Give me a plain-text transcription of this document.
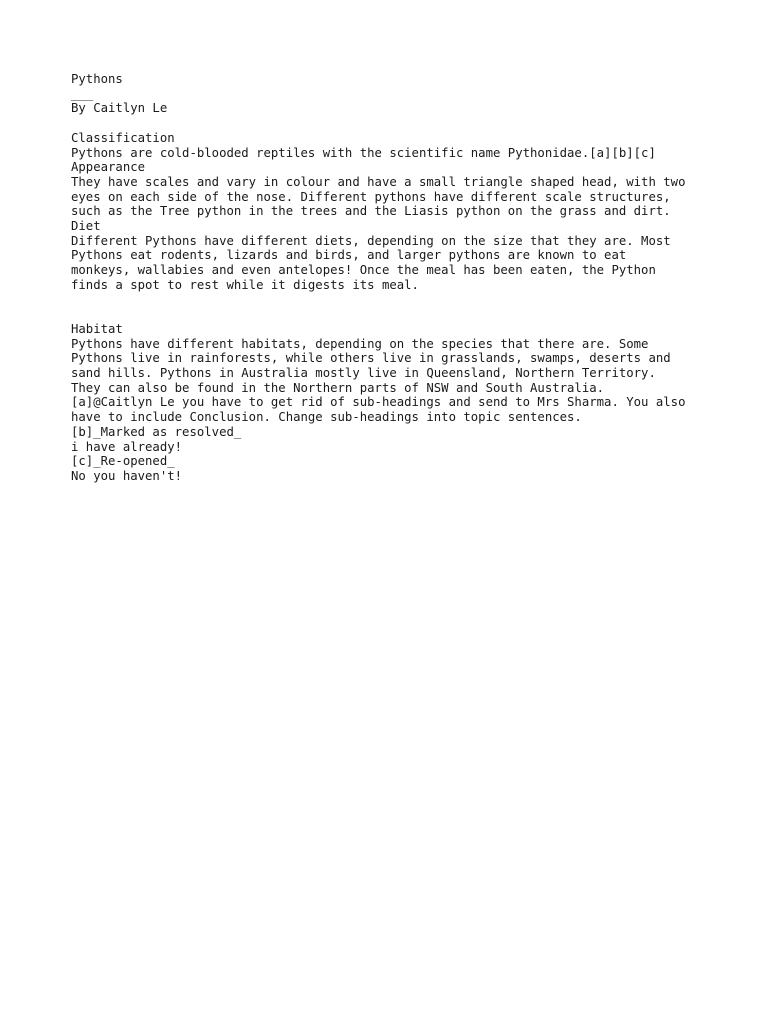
Pythons
___
By Caitlyn Le
Classification
Pythons are cold-blooded reptiles with the scientific name Pythonidae.[a][b][c]
Appearance
They have scales and vary in colour and have a small triangle shaped head, with two
eyes on each side of the nose. Different pythons have different scale structures,
such as the Tree python in the trees and the Liasis python on the grass and dirt.
Diet
Different Pythons have different diets, depending on the size that they are. Most
Pythons eat rodents, lizards and birds, and larger pythons are known to eat
monkeys, wallabies and even antelopes! Once the meal has been eaten, the Python
finds a spot to rest while it digests its meal.
Habitat
Pythons have different habitats, depending on the species that there are. Some
Pythons live in rainforests, while others live in grasslands, swamps, deserts and
sand hills. Pythons in Australia mostly live in Queensland, Northern Territory.
They can also be found in the Northern parts of NSW and South Australia.
[a]@Caitlyn Le you have to get rid of sub-headings and send to Mrs Sharma. You also
have to include Conclusion. Change sub-headings into topic sentences.
[b]_Marked as resolved_
i have already!
[c]_Re-opened_
No you haven't!
